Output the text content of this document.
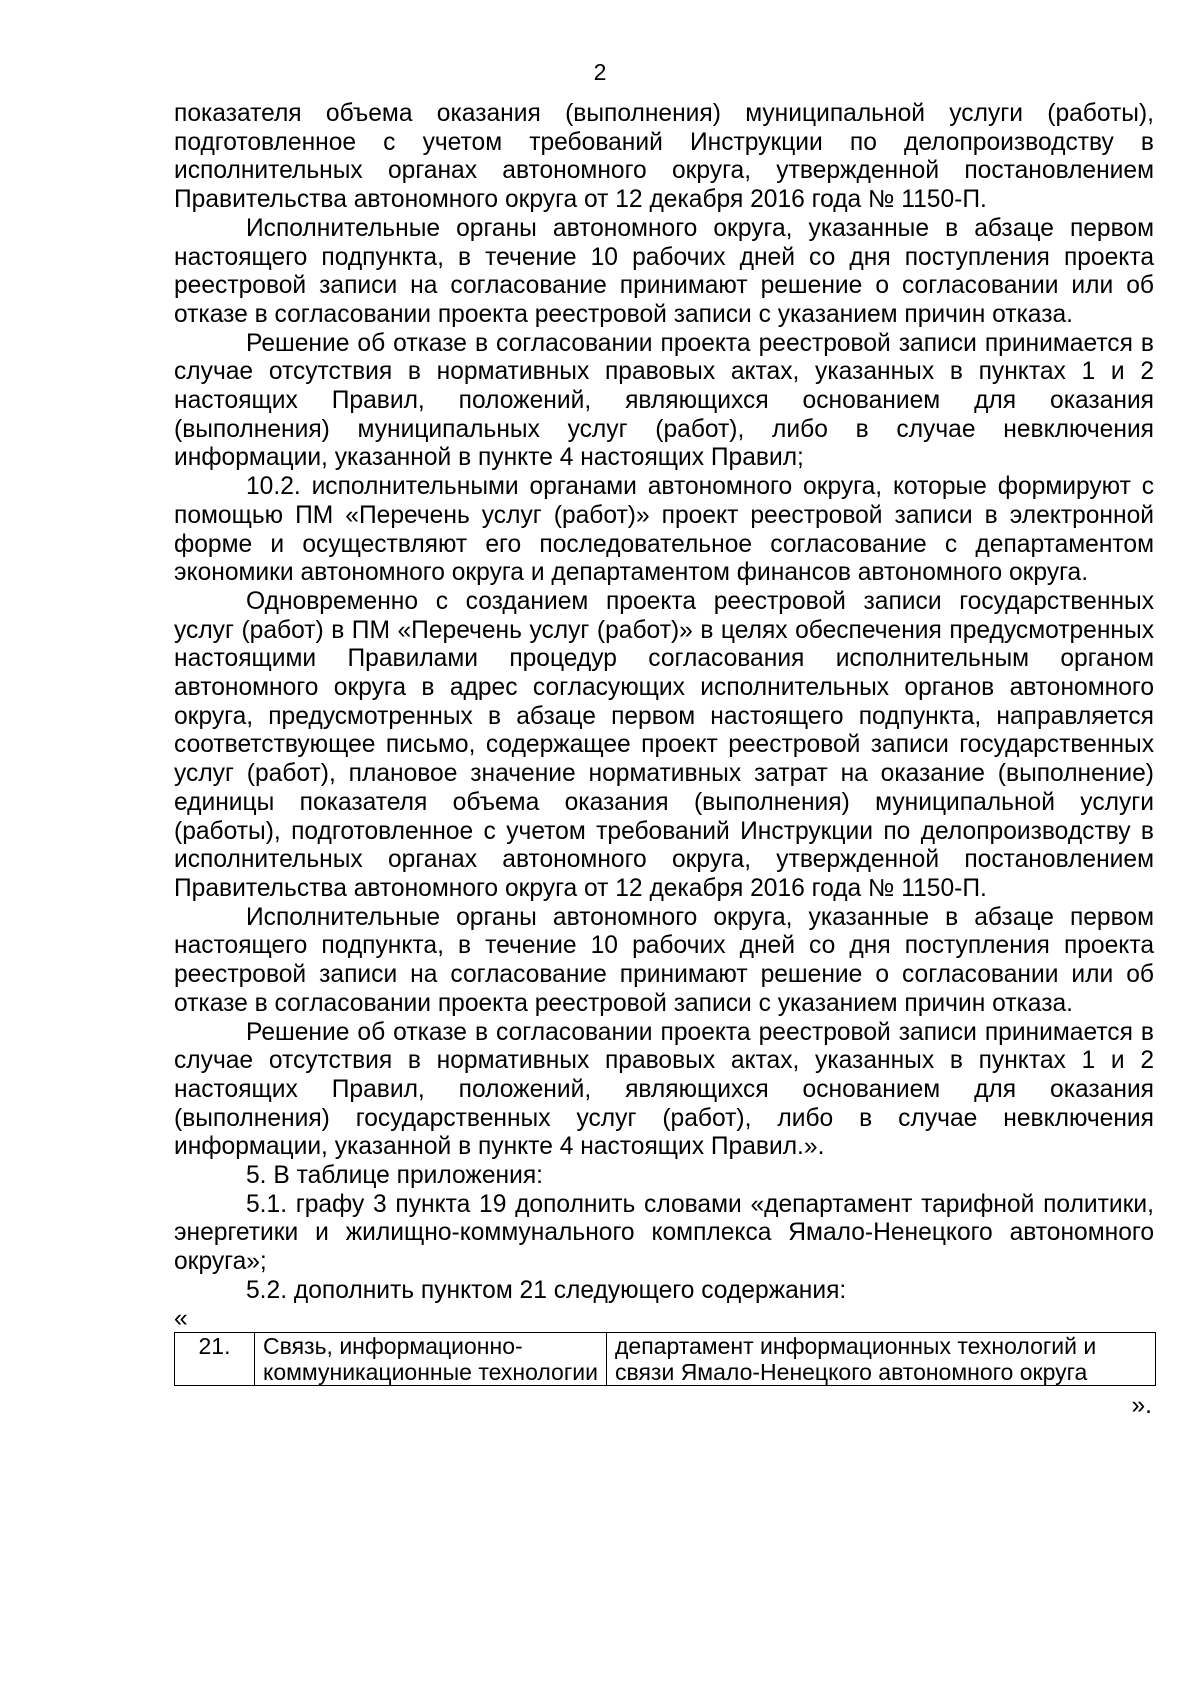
2

показателя объема оказания (выполнения) муниципальной услуги (работы), подготовленное с учетом требований Инструкции по делопроизводству в исполнительных органах автономного округа, утвержденной постановлением Правительства автономного округа от 12 декабря 2016 года № 1150-П.

Исполнительные органы автономного округа, указанные в абзаце первом настоящего подпункта, в течение 10 рабочих дней со дня поступления проекта реестровой записи на согласование принимают решение о согласовании или об отказе в согласовании проекта реестровой записи с указанием причин отказа.

Решение об отказе в согласовании проекта реестровой записи принимается в случае отсутствия в нормативных правовых актах, указанных в пунктах 1 и 2 настоящих Правил, положений, являющихся основанием для оказания (выполнения) муниципальных услуг (работ), либо в случае невключения информации, указанной в пункте 4 настоящих Правил;

10.2. исполнительными органами автономного округа, которые формируют с помощью ПМ «Перечень услуг (работ)» проект реестровой записи в электронной форме и осуществляют его последовательное согласование с департаментом экономики автономного округа и департаментом финансов автономного округа.

Одновременно с созданием проекта реестровой записи государственных услуг (работ) в ПМ «Перечень услуг (работ)» в целях обеспечения предусмотренных настоящими Правилами процедур согласования исполнительным органом автономного округа в адрес согласующих исполнительных органов автономного округа, предусмотренных в абзаце первом настоящего подпункта, направляется соответствующее письмо, содержащее проект реестровой записи государственных услуг (работ), плановое значение нормативных затрат на оказание (выполнение) единицы показателя объема оказания (выполнения) муниципальной услуги (работы), подготовленное с учетом требований Инструкции по делопроизводству в исполнительных органах автономного округа, утвержденной постановлением Правительства автономного округа от 12 декабря 2016 года № 1150-П.

Исполнительные органы автономного округа, указанные в абзаце первом настоящего подпункта, в течение 10 рабочих дней со дня поступления проекта реестровой записи на согласование принимают решение о согласовании или об отказе в согласовании проекта реестровой записи с указанием причин отказа.

Решение об отказе в согласовании проекта реестровой записи принимается в случае отсутствия в нормативных правовых актах, указанных в пунктах 1 и 2 настоящих Правил, положений, являющихся основанием для оказания (выполнения) государственных услуг (работ), либо в случае невключения информации, указанной в пункте 4 настоящих Правил.».

5. В таблице приложения:

5.1. графу 3 пункта 19 дополнить словами «департамент тарифной политики, энергетики и жилищно-коммунального комплекса Ямало-Ненецкого автономного округа»;

5.2. дополнить пунктом 21 следующего содержания:

«

21.	Связь, информационно-коммуникационные технологии	департамент информационных технологий и связи Ямало-Ненецкого автономного округа

».
